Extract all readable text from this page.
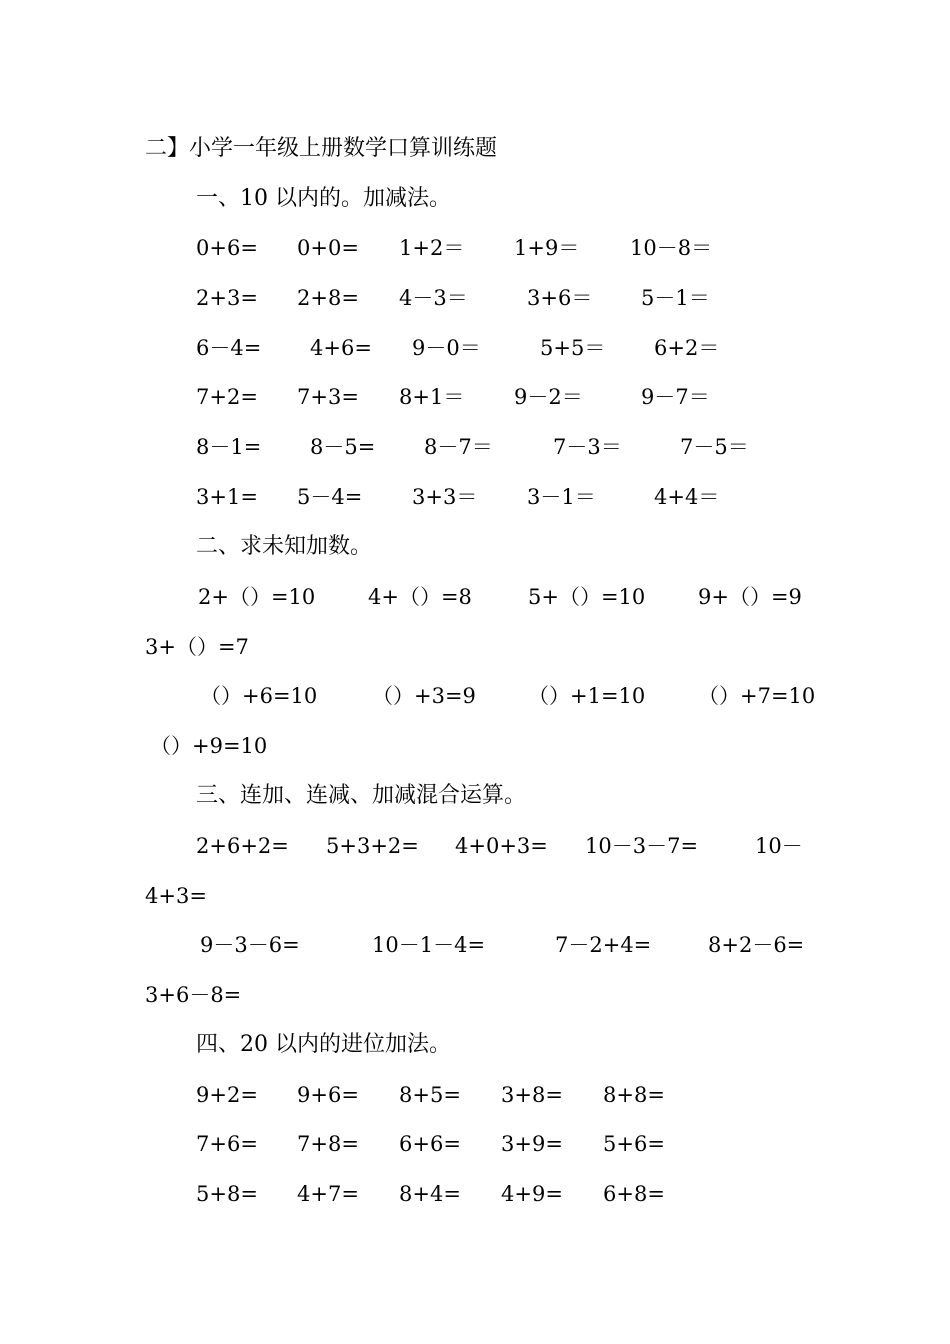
二】小学一年级上册数学口算训练题
一、10 以内的。加减法。
0+6= 0+0= 1+2＝ 1+9＝ 10－8＝
2+3= 2+8= 4－3＝	3+6＝ 5－1＝
6－4= 4+6= 9－0＝	5+5＝ 6+2＝
7+2= 7+3= 8+1＝ 9－2＝	9－7＝
8－1= 8－5= 8－7＝	7－3＝	7－5＝
3+1= 5－4= 3+3＝ 3－1＝	4+4＝
二、求未知加数。
2+（）=10	4+（）=8	5+（）=10	9+（）=9
3+（）=7
（）+6=10	（）+3=9 （）+1=10	（）+7=10
（）+9=10
三、连加、连减、加减混合运算。
2+6+2= 5+3+2= 4+0+3= 10－3－7=	10－
4+3=
9－3－6=	10－1－4=	7－2+4=	8+2－6=
3+6－8=
四、20 以内的进位加法。
9+2= 9+6= 8+5= 3+8= 8+8=
7+6= 7+8= 6+6= 3+9= 5+6=
5+8= 4+7= 8+4= 4+9= 6+8=
